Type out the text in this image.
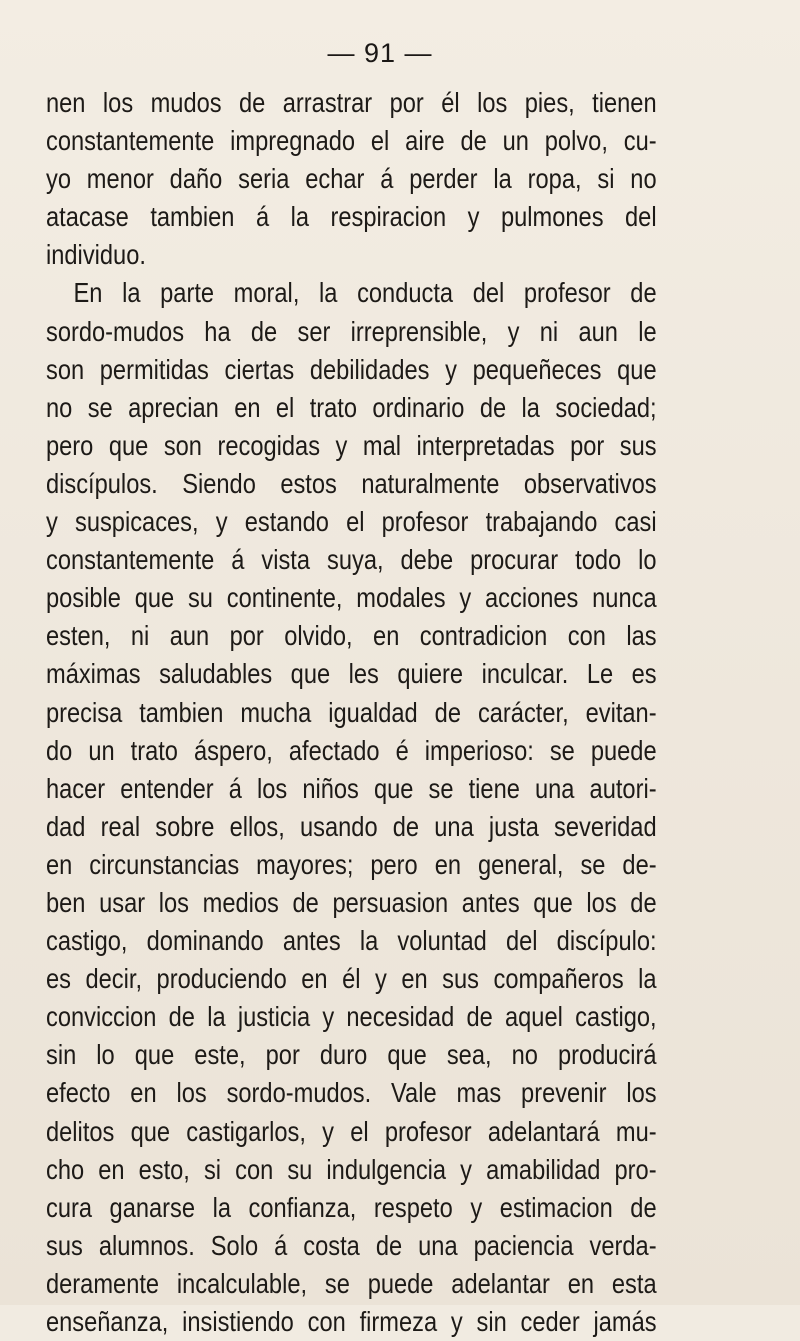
— 91 —
nen los mudos de arrastrar por él los pies, tienen
constantemente impregnado el aire de un polvo, cu-
yo menor daño seria echar á perder la ropa, si no
atacase tambien á la respiracion y pulmones del
individuo.
En la parte moral, la conducta del profesor de
sordo-mudos ha de ser irreprensible, y ni aun le
son permitidas ciertas debilidades y pequeñeces que
no se aprecian en el trato ordinario de la sociedad;
pero que son recogidas y mal interpretadas por sus
discípulos. Siendo estos naturalmente observativos
y suspicaces, y estando el profesor trabajando casi
constantemente á vista suya, debe procurar todo lo
posible que su continente, modales y acciones nunca
esten, ni aun por olvido, en contradicion con las
máximas saludables que les quiere inculcar. Le es
precisa tambien mucha igualdad de carácter, evitan-
do un trato áspero, afectado é imperioso: se puede
hacer entender á los niños que se tiene una autori-
dad real sobre ellos, usando de una justa severidad
en circunstancias mayores; pero en general, se de-
ben usar los medios de persuasion antes que los de
castigo, dominando antes la voluntad del discípulo:
es decir, produciendo en él y en sus compañeros la
conviccion de la justicia y necesidad de aquel castigo,
sin lo que este, por duro que sea, no producirá
efecto en los sordo-mudos. Vale mas prevenir los
delitos que castigarlos, y el profesor adelantará mu-
cho en esto, si con su indulgencia y amabilidad pro-
cura ganarse la confianza, respeto y estimacion de
sus alumnos. Solo á costa de una paciencia verda-
deramente incalculable, se puede adelantar en esta
enseñanza, insistiendo con firmeza y sin ceder jamás
